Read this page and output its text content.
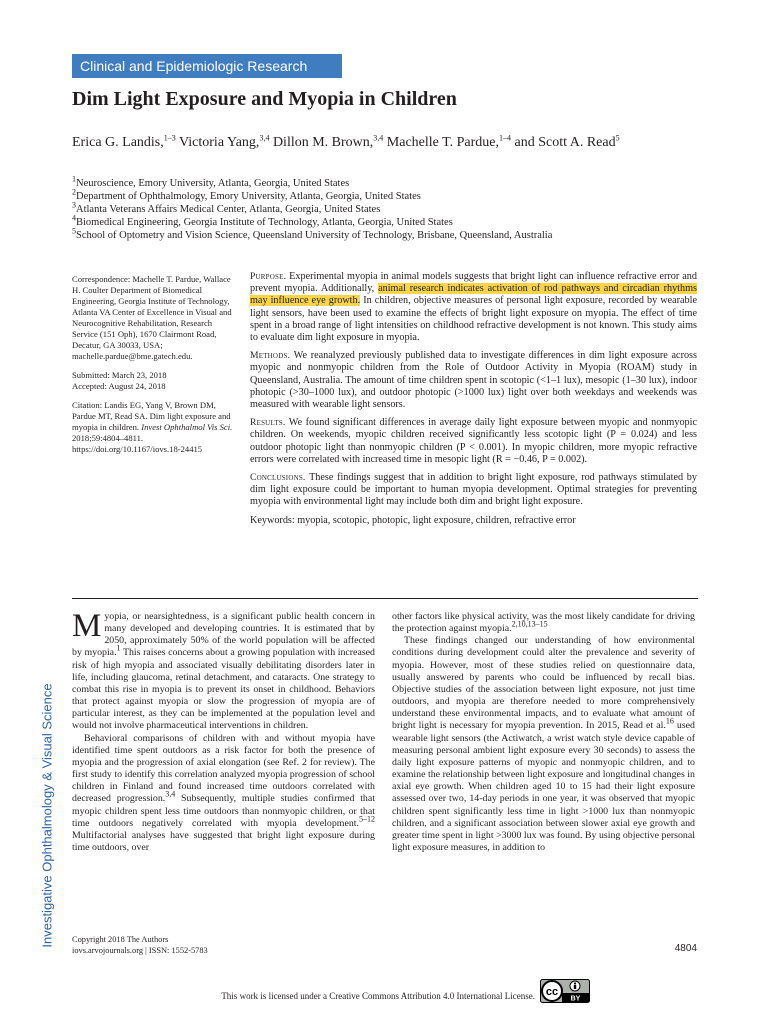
Clinical and Epidemiologic Research
Dim Light Exposure and Myopia in Children

Erica G. Landis,$^{1-3}$ Victoria Yang,$^{3,4}$ Dillon M. Brown,$^{3,4}$ Machelle T. Pardue,$^{1-4}$ and Scott A. Read$^5$

$^1$Neuroscience, Emory University, Atlanta, Georgia, United States
$^2$Department of Ophthalmology, Emory University, Atlanta, Georgia, United States
$^3$Atlanta Veterans Affairs Medical Center, Atlanta, Georgia, United States
$^4$Biomedical Engineering, Georgia Institute of Technology, Atlanta, Georgia, United States
$^5$School of Optometry and Vision Science, Queensland University of Technology, Brisbane, Queensland, Australia

Correspondence: Machelle T. Pardue, Wallace H. Coulter Department of Biomedical Engineering, Georgia Institute of Technology, Atlanta VA Center of Excellence in Visual and Neurocognitive Rehabilitation, Research Service (151 Oph), 1670 Clairmont Road, Decatur, GA 30033, USA; machelle.pardue@bme.gatech.edu.

Submitted: March 23, 2018

Accepted: August 24, 2018

Citation: Landis EG, Yang V, Brown DM, Pardue MT, Read SA. Dim light exposure and myopia in children. Invest Ophthalmol Vis Sci. 2018;59:4804–4811. https://doi.org/10.1167/iovs.18-24415

Purpose. Experimental myopia in animal models suggests that bright light can influence refractive error and prevent myopia. Additionally, animal research indicates activation of rod pathways and circadian rhythms may influence eye growth. In children, objective measures of personal light exposure, recorded by wearable light sensors, have been used to examine the effects of bright light exposure on myopia. The effect of time spent in a broad range of light intensities on childhood refractive development is not known. This study aims to evaluate dim light exposure in myopia.

Methods. We reanalyzed previously published data to investigate differences in dim light exposure across myopic and nonmyopic children from the Role of Outdoor Activity in Myopia (ROAM) study in Queensland, Australia. The amount of time children spent in scotopic (<1–1 lux), mesopic (1–30 lux), indoor photopic (>30–1000 lux), and outdoor photopic (>1000 lux) light over both weekdays and weekends was measured with wearable light sensors.

Results. We found significant differences in average daily light exposure between myopic and nonmyopic children. On weekends, myopic children received significantly less scotopic light (P = 0.024) and less outdoor photopic light than nonmyopic children (P < 0.001). In myopic children, more myopic refractive errors were correlated with increased time in mesopic light (R = −0.46, P = 0.002).

Conclusions. These findings suggest that in addition to bright light exposure, rod pathways stimulated by dim light exposure could be important to human myopia development. Optimal strategies for preventing myopia with environmental light may include both dim and bright light exposure.

Keywords: myopia, scotopic, photopic, light exposure, children, refractive error

Myopia, or nearsightedness, is a significant public health concern in many developed and developing countries. It is estimated that by 2050, approximately 50% of the world population will be affected by myopia.$^1$ This raises concerns about a growing population with increased risk of high myopia and associated visually debilitating disorders later in life, including glaucoma, retinal detachment, and cataracts. One strategy to combat this rise in myopia is to prevent its onset in childhood. Behaviors that protect against myopia or slow the progression of myopia are of particular interest, as they can be implemented at the population level and would not involve pharmaceutical interventions in children.

Behavioral comparisons of children with and without myopia have identified time spent outdoors as a risk factor for both the presence of myopia and the progression of axial elongation (see Ref. 2 for review). The first study to identify this correlation analyzed myopia progression of school children in Finland and found increased time outdoors correlated with decreased progression.$^{3,4}$ Subsequently, multiple studies confirmed that myopic children spent less time outdoors than nonmyopic children, or that time outdoors negatively correlated with myopia development.$^{5-12}$ Multifactorial analyses have suggested that bright light exposure during time outdoors, over

other factors like physical activity, was the most likely candidate for driving the protection against myopia.$^{2,10,13-15}$

These findings changed our understanding of how environmental conditions during development could alter the prevalence and severity of myopia. However, most of these studies relied on questionnaire data, usually answered by parents who could be influenced by recall bias. Objective studies of the association between light exposure, not just time outdoors, and myopia are therefore needed to more comprehensively understand these environmental impacts, and to evaluate what amount of bright light is necessary for myopia prevention. In 2015, Read et al.$^{16}$ used wearable light sensors (the Actiwatch, a wrist watch style device capable of measuring personal ambient light exposure every 30 seconds) to assess the daily light exposure patterns of myopic and nonmyopic children, and to examine the relationship between light exposure and longitudinal changes in axial eye growth. When children aged 10 to 15 had their light exposure assessed over two, 14-day periods in one year, it was observed that myopic children spent significantly less time in light >1000 lux than nonmyopic children, and a significant association between slower axial eye growth and greater time spent in light >3000 lux was found. By using objective personal light exposure measures, in addition to

Investigative Ophthalmology & Visual Science Copyright 2018 The Authors
iovs.arvojournals.org | ISSN: 1552-5783	4804
This work is licensed under a Creative Commons Attribution 4.0 International License. cc
BY
